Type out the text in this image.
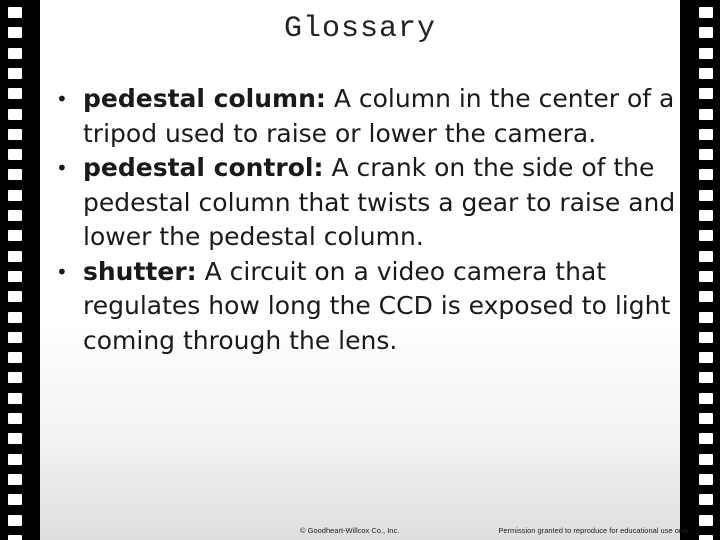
Glossary
• pedestal column: A column in the center of a tripod used to raise or lower the camera.
• pedestal control: A crank on the side of the pedestal column that twists a gear to raise and lower the pedestal column.
• shutter: A circuit on a video camera that regulates how long the CCD is exposed to light coming through the lens.
© Goodheart-Willcox Co., Inc.	Permission granted to reproduce for educational use only.
